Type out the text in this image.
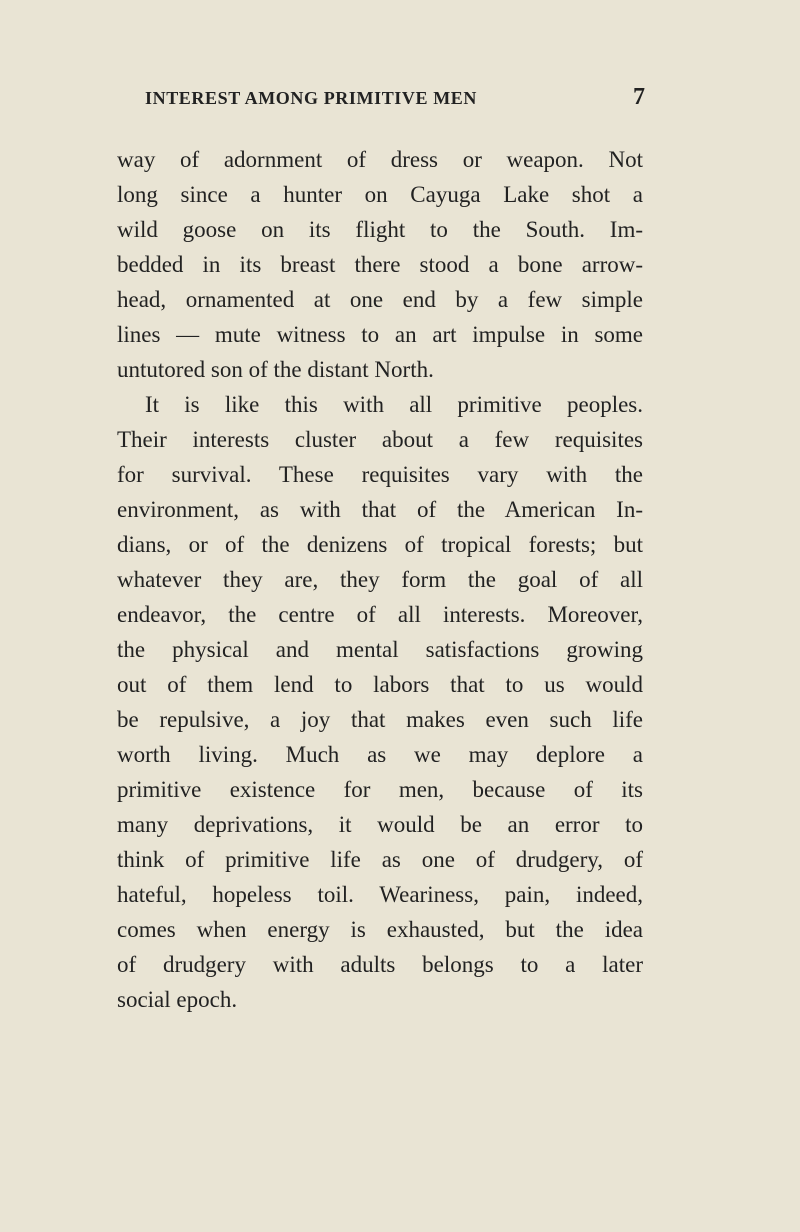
INTEREST AMONG PRIMITIVE MEN	7
way of adornment of dress or weapon. Not
long since a hunter on Cayuga Lake shot a
wild goose on its flight to the South. Im-
bedded in its breast there stood a bone arrow-
head, ornamented at one end by a few simple
lines — mute witness to an art impulse in some
untutored son of the distant North.
It is like this with all primitive peoples.
Their interests cluster about a few requisites
for survival. These requisites vary with the
environment, as with that of the American In-
dians, or of the denizens of tropical forests; but
whatever they are, they form the goal of all
endeavor, the centre of all interests. Moreover,
the physical and mental satisfactions growing
out of them lend to labors that to us would
be repulsive, a joy that makes even such life
worth living. Much as we may deplore a
primitive existence for men, because of its
many deprivations, it would be an error to
think of primitive life as one of drudgery, of
hateful, hopeless toil. Weariness, pain, indeed,
comes when energy is exhausted, but the idea
of drudgery with adults belongs to a later
social epoch.
